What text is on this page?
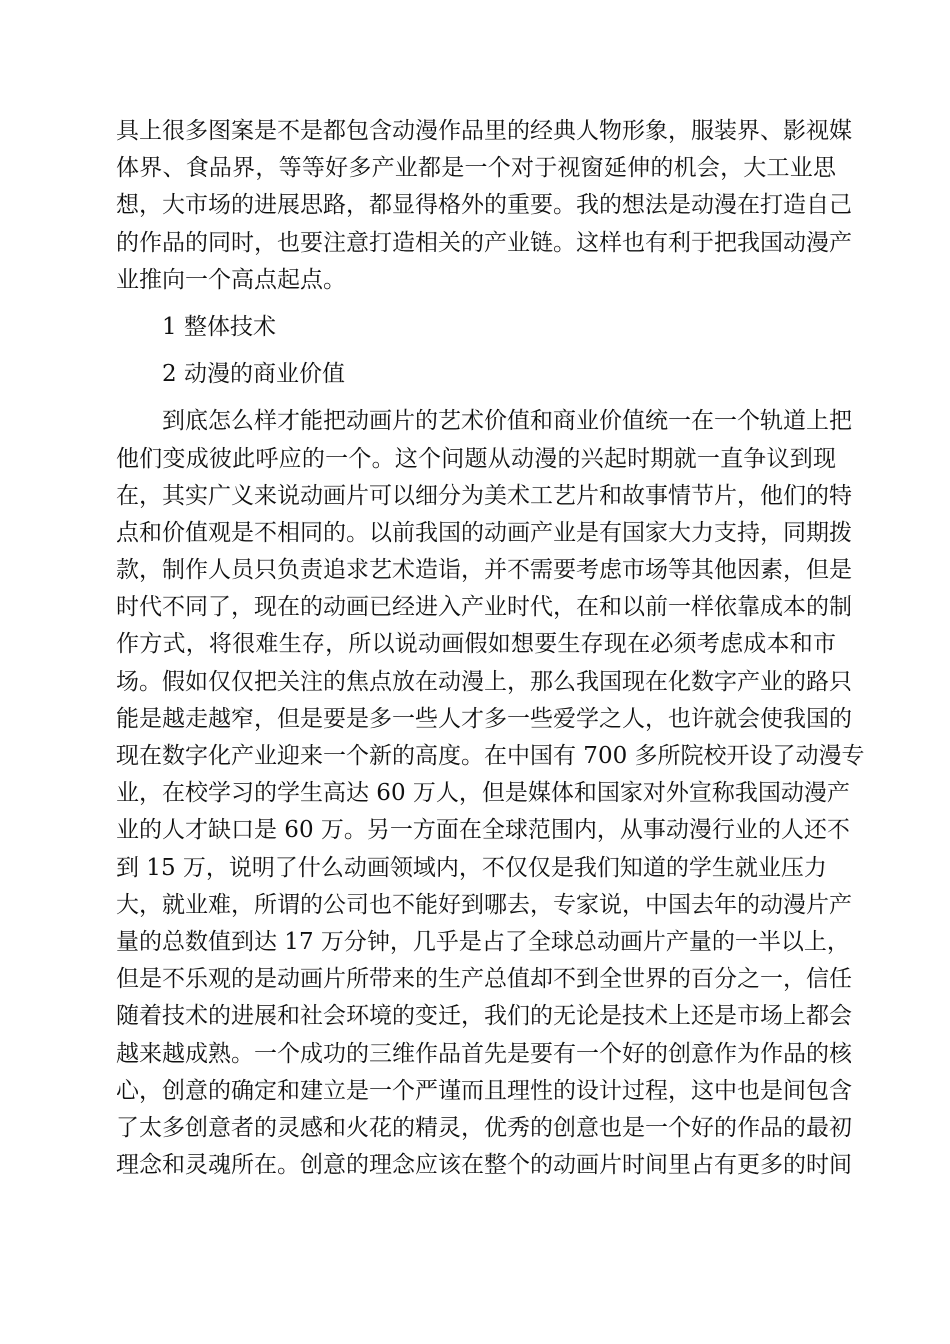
具上很多图案是不是都包含动漫作品里的经典人物形象，服装界、影视媒
体界、食品界，等等好多产业都是一个对于视窗延伸的机会，大工业思
想，大市场的进展思路，都显得格外的重要。我的想法是动漫在打造自己
的作品的同时，也要注意打造相关的产业链。这样也有利于把我国动漫产
业推向一个高点起点。
1 整体技术
2 动漫的商业价值
到底怎么样才能把动画片的艺术价值和商业价值统一在一个轨道上把
他们变成彼此呼应的一个。这个问题从动漫的兴起时期就一直争议到现
在，其实广义来说动画片可以细分为美术工艺片和故事情节片，他们的特
点和价值观是不相同的。以前我国的动画产业是有国家大力支持，同期拨
款，制作人员只负责追求艺术造诣，并不需要考虑市场等其他因素，但是
时代不同了，现在的动画已经进入产业时代，在和以前一样依靠成本的制
作方式，将很难生存，所以说动画假如想要生存现在必须考虑成本和市
场。假如仅仅把关注的焦点放在动漫上，那么我国现在化数字产业的路只
能是越走越窄，但是要是多一些人才多一些爱学之人，也许就会使我国的
现在数字化产业迎来一个新的高度。在中国有 700 多所院校开设了动漫专
业，在校学习的学生高达 60 万人，但是媒体和国家对外宣称我国动漫产
业的人才缺口是 60 万。另一方面在全球范围内，从事动漫行业的人还不
到 15 万，说明了什么动画领域内，不仅仅是我们知道的学生就业压力
大，就业难，所谓的公司也不能好到哪去，专家说，中国去年的动漫片产
量的总数值到达 17 万分钟，几乎是占了全球总动画片产量的一半以上，
但是不乐观的是动画片所带来的生产总值却不到全世界的百分之一，信任
随着技术的进展和社会环境的变迁，我们的无论是技术上还是市场上都会
越来越成熟。一个成功的三维作品首先是要有一个好的创意作为作品的核
心，创意的确定和建立是一个严谨而且理性的设计过程，这中也是间包含
了太多创意者的灵感和火花的精灵，优秀的创意也是一个好的作品的最初
理念和灵魂所在。创意的理念应该在整个的动画片时间里占有更多的时间
